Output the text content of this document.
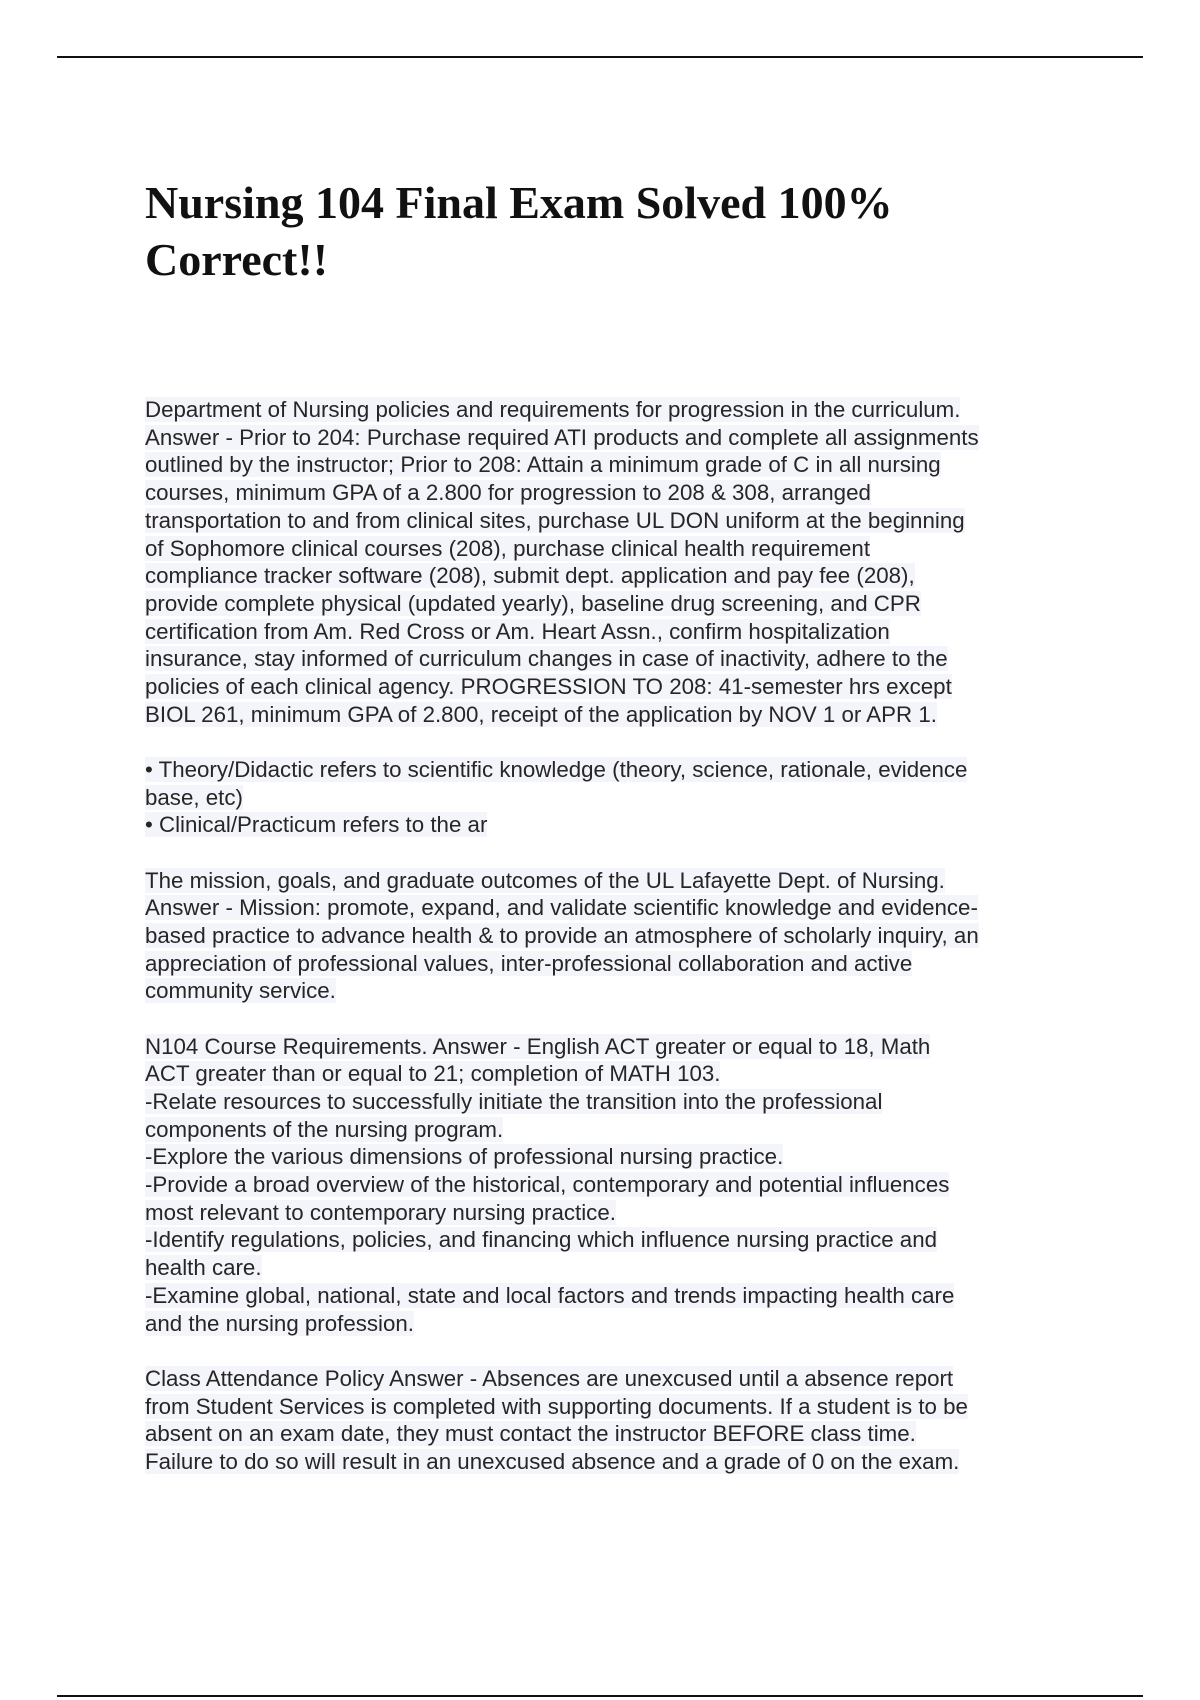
Nursing 104 Final Exam Solved 100%
Correct!!
Department of Nursing policies and requirements for progression in the curriculum.
Answer - Prior to 204: Purchase required ATI products and complete all assignments
outlined by the instructor; Prior to 208: Attain a minimum grade of C in all nursing
courses, minimum GPA of a 2.800 for progression to 208 & 308, arranged
transportation to and from clinical sites, purchase UL DON uniform at the beginning
of Sophomore clinical courses (208), purchase clinical health requirement
compliance tracker software (208), submit dept. application and pay fee (208),
provide complete physical (updated yearly), baseline drug screening, and CPR
certification from Am. Red Cross or Am. Heart Assn., confirm hospitalization
insurance, stay informed of curriculum changes in case of inactivity, adhere to the
policies of each clinical agency. PROGRESSION TO 208: 41-semester hrs except
BIOL 261, minimum GPA of 2.800, receipt of the application by NOV 1 or APR 1.
• Theory/Didactic refers to scientific knowledge (theory, science, rationale, evidence
base, etc)
• Clinical/Practicum refers to the ar
The mission, goals, and graduate outcomes of the UL Lafayette Dept. of Nursing.
Answer - Mission: promote, expand, and validate scientific knowledge and evidence-
based practice to advance health & to provide an atmosphere of scholarly inquiry, an
appreciation of professional values, inter-professional collaboration and active
community service.
N104 Course Requirements. Answer - English ACT greater or equal to 18, Math
ACT greater than or equal to 21; completion of MATH 103.
-Relate resources to successfully initiate the transition into the professional
components of the nursing program.
-Explore the various dimensions of professional nursing practice.
-Provide a broad overview of the historical, contemporary and potential influences
most relevant to contemporary nursing practice.
-Identify regulations, policies, and financing which influence nursing practice and
health care.
-Examine global, national, state and local factors and trends impacting health care
and the nursing profession.
Class Attendance Policy Answer - Absences are unexcused until a absence report
from Student Services is completed with supporting documents. If a student is to be
absent on an exam date, they must contact the instructor BEFORE class time.
Failure to do so will result in an unexcused absence and a grade of 0 on the exam.
